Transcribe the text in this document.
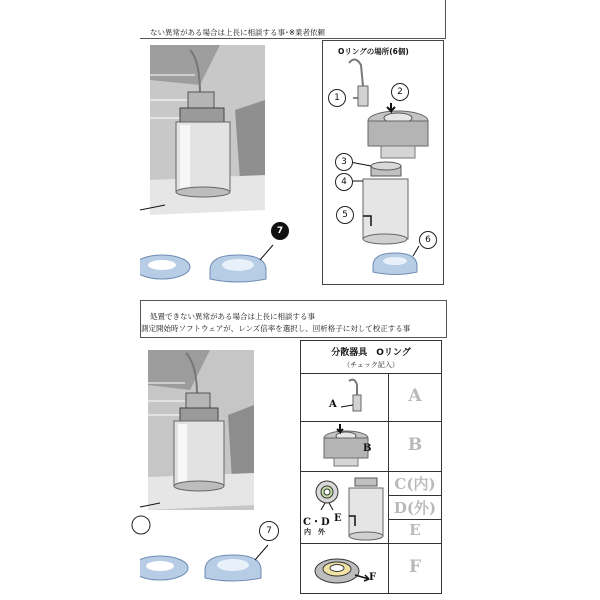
ない異常がある場合は上長に相談する事･※業者依頼
7
Oリングの場所(6個)
1
2
3
4
5
6
処置できない異常がある場合は上長に相談する事
測定開始時ソフトウェアが、レンズ倍率を選択し、回析格子に対して校正する事
7
分散器具　Oリング
（チェック記入）
A	A
B	B
C・D
内　外
E
C(内)
D(外)
E
F
F
